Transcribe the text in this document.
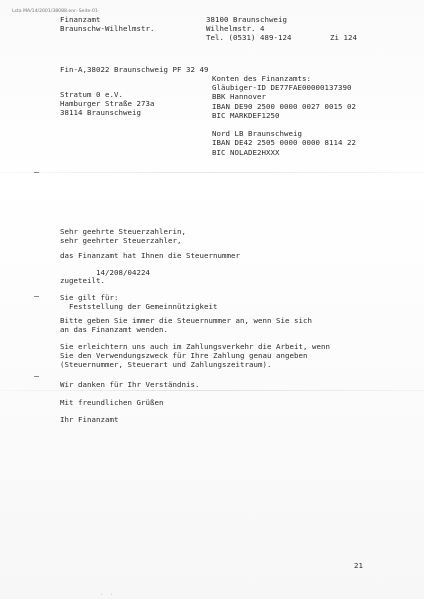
Lsta MA/14/2001/38088.enr.-Seite-01-
Finanzamt
Braunschw-Wilhelmstr.
38100 Braunschweig
Wilhelmstr. 4
Tel. (0531) 489-124	Zi 124
Fin-A,38022 Braunschweig PF 32 49
Konten des Finanzamts:
Gläubiger-ID DE77FAE00000137390
BBK Hannover
IBAN DE90 2500 0000 0027 0015 02
BIC MARKDEF1250

Nord LB Braunschweig
IBAN DE42 2505 0000 0000 8114 22
BIC NOLADE2HXXX
Stratum 0 e.V.
Hamburger Straße 273a
38114 Braunschweig
Sehr geehrte Steuerzahlerin,
sehr geehrter Steuerzahler,
das Finanzamt hat Ihnen die Steuernummer
14/208/04224
zugeteilt.
Sie gilt für:
Feststellung der Gemeinnützigkeit
Bitte geben Sie immer die Steuernummer an, wenn Sie sich
an das Finanzamt wenden.
Sie erleichtern uns auch im Zahlungsverkehr die Arbeit, wenn
Sie den Verwendungszweck für Ihre Zahlung genau angeben
(Steuernummer, Steuerart und Zahlungszeitraum).
Wir danken für Ihr Verständnis.
Mit freundlichen Grüßen
Ihr Finanzamt
21
· ·
